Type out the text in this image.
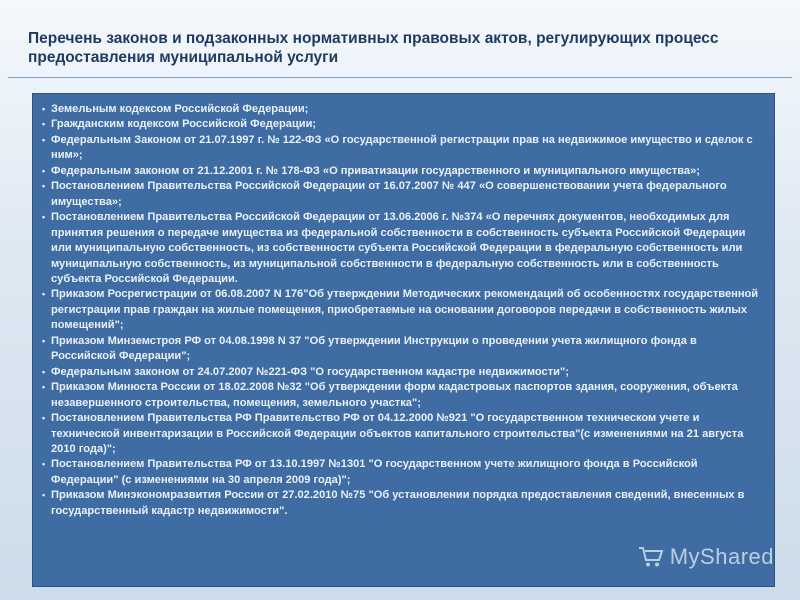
Перечень законов и подзаконных нормативных правовых актов, регулирующих процесс предоставления муниципальной услуги
• Земельным кодексом Российской Федерации;
• Гражданским кодексом Российской Федерации;
• Федеральным Законом от 21.07.1997 г. № 122-ФЗ «О государственной регистрации прав на недвижимое имущество и сделок с ним»;
• Федеральным законом от 21.12.2001 г. № 178-ФЗ «О приватизации государственного и муниципального имущества»;
• Постановлением Правительства Российской Федерации от 16.07.2007 № 447 «О совершенствовании учета федерального имущества»;
• Постановлением Правительства Российской Федерации от 13.06.2006 г. №374 «О перечнях документов, необходимых для принятия решения о передаче имущества из федеральной собственности в собственность субъекта Российской Федерации или муниципальную собственность, из собственности субъекта Российской Федерации в федеральную собственность или муниципальную собственность, из муниципальной собственности в федеральную собственность или в собственность субъекта Российской Федерации.
• Приказом Росрегистрации от 06.08.2007 N 176"Об утверждении Методических рекомендаций об особенностях государственной регистрации прав граждан на жилые помещения, приобретаемые на основании договоров передачи в собственность жилых помещений";
• Приказом Минземстроя РФ от 04.08.1998 N 37 "Об утверждении Инструкции о проведении учета жилищного фонда в Российской Федерации";
• Федеральным законом от 24.07.2007 №221-ФЗ "О государственном кадастре недвижимости";
• Приказом Минюста России от 18.02.2008 №32 "Об утверждении форм кадастровых паспортов здания, сооружения, объекта незавершенного строительства, помещения, земельного участка";
• Постановлением Правительства РФ Правительство РФ от 04.12.2000 №921 "О государственном техническом учете и технической инвентаризации в Российской Федерации объектов капитального строительства"(с изменениями на 21 августа 2010 года)";
• Постановлением Правительства РФ от 13.10.1997 №1301 "О государственном учете жилищного фонда в Российской Федерации" (с изменениями на 30 апреля 2009 года)";
• Приказом Минэкономразвития России от 27.02.2010 №75 "Об установлении порядка предоставления сведений, внесенных в государственный кадастр недвижимости".
MyShared
